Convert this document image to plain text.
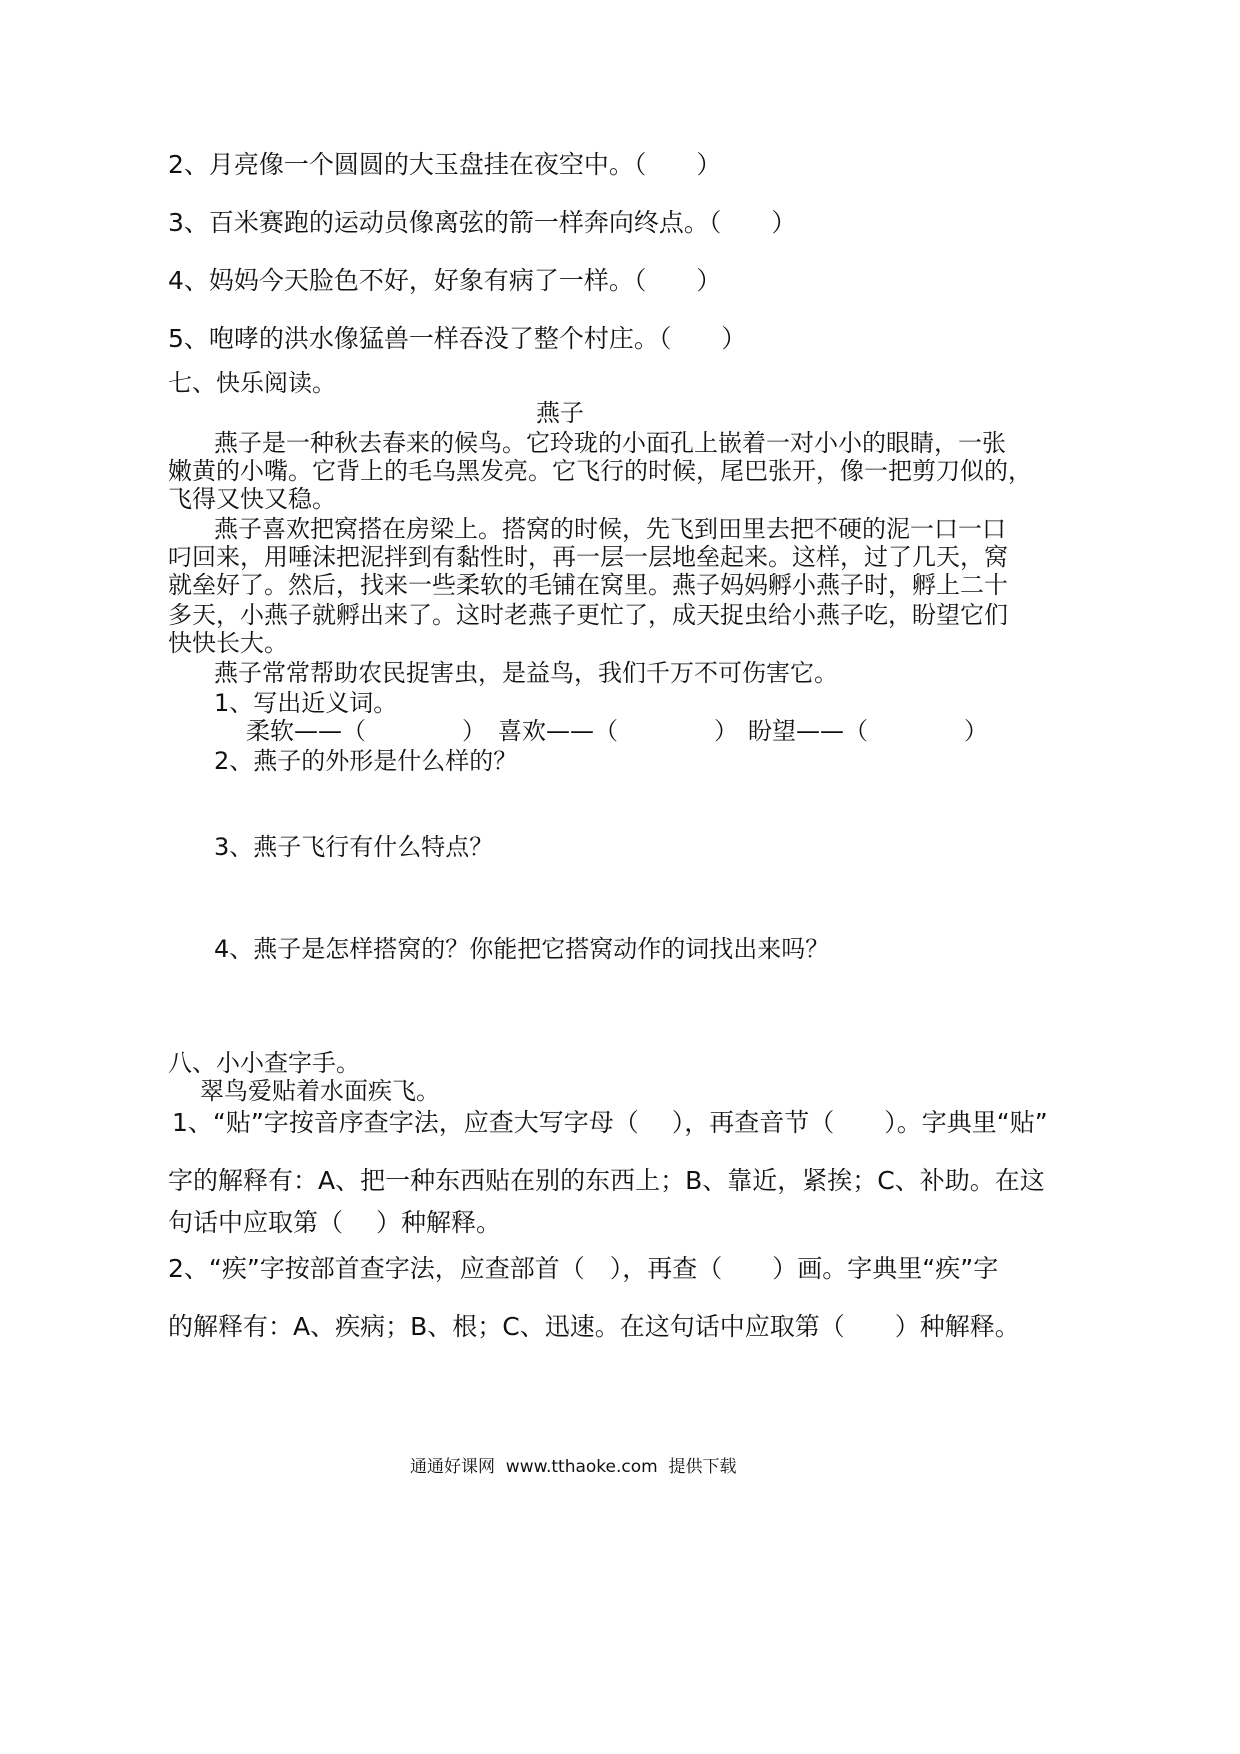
2、月亮像一个圆圆的大玉盘挂在夜空中。（　　）
3、百米赛跑的运动员像离弦的箭一样奔向终点。（　　）
4、妈妈今天脸色不好，好象有病了一样。（　　）
5、咆哮的洪水像猛兽一样吞没了整个村庄。（　　）
七、快乐阅读。
燕子
燕子是一种秋去春来的候鸟。它玲珑的小面孔上嵌着一对小小的眼睛，一张
嫩黄的小嘴。它背上的毛乌黑发亮。它飞行的时候，尾巴张开，像一把剪刀似的，
飞得又快又稳。
燕子喜欢把窝搭在房梁上。搭窝的时候，先飞到田里去把不硬的泥一口一口
叼回来，用唾沫把泥拌到有黏性时，再一层一层地垒起来。这样，过了几天，窝
就垒好了。然后，找来一些柔软的毛铺在窝里。燕子妈妈孵小燕子时，孵上二十
多天，小燕子就孵出来了。这时老燕子更忙了，成天捉虫给小燕子吃，盼望它们
快快长大。
燕子常常帮助农民捉害虫，是益鸟，我们千万不可伤害它。
1、写出近义词。
柔软——（　　　　） 喜欢——（　　　　） 盼望——（　　　　）
2、燕子的外形是什么样的？
3、燕子飞行有什么特点？
4、燕子是怎样搭窝的？你能把它搭窝动作的词找出来吗？
八、小小查字手。
翠鸟爱贴着水面疾飞。
1、“贴”字按音序查字法，应查大写字母（　 ），再查音节（　　）。字典里“贴”
字的解释有：A、把一种东西贴在别的东西上；B、靠近，紧挨；C、补助。在这
句话中应取第（　 ）种解释。
2、“疾”字按部首查字法，应查部首（　），再查（　　）画。字典里“疾”字
的解释有：A、疾病；B、根；C、迅速。在这句话中应取第（　　）种解释。
通通好课网  www.tthaoke.com  提供下载
